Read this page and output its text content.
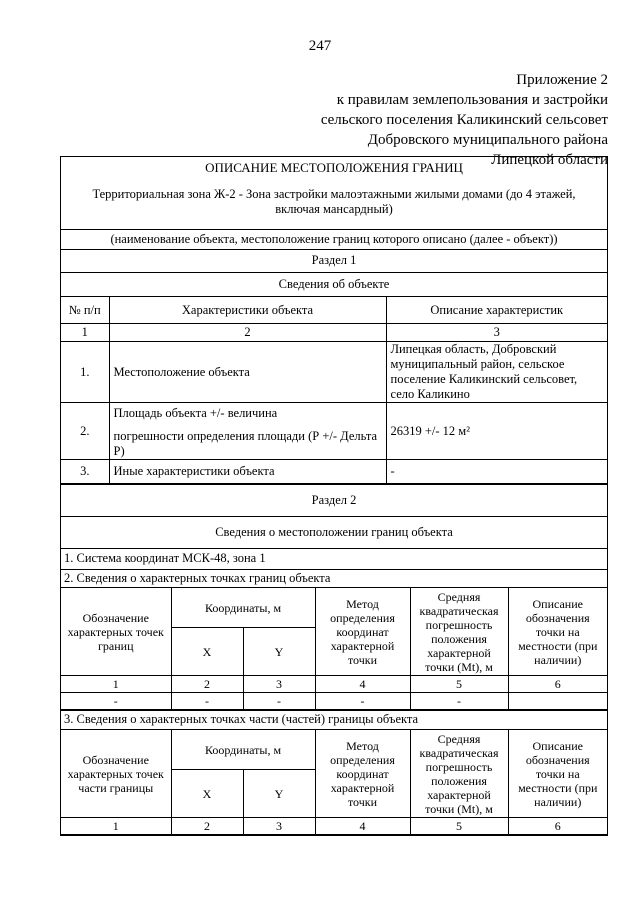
247
Приложение 2
к правилам землепользования и застройки
сельского поселения Каликинский сельсовет
Добровского муниципального района
Липецкой области
ОПИСАНИЕ МЕСТОПОЛОЖЕНИЯ ГРАНИЦ
Территориальная зона Ж-2 - Зона застройки малоэтажными жилыми домами (до 4 этажей,
включая мансардный)
(наименование объекта, местоположение границ которого описано (далее - объект))
Раздел 1
Сведения об объекте
№ п/п	Характеристики объекта	Описание характеристик
1	2	3
1.	Местоположение объекта	Липецкая область, Добровский муниципальный район, сельское поселение Каликинский сельсовет, село Каликино
2.	Площадь объекта +/- величина
погрешности определения площади (Р +/- Дельта Р)	26319 +/- 12 м²
3.	Иные характеристики объекта	-
Раздел 2
Сведения о местоположении границ объекта
1. Система координат МСК-48, зона 1
2. Сведения о характерных точках границ объекта
Обозначение характерных точек границ	Координаты, м		Метод определения координат характерной точки	Средняя квадратическая погрешность положения характерной точки (Mt), м	Описание обозначения точки на местности (при наличии)
	X	Y			
1	2	3	4	5	6
-	-	-	-	-	
3. Сведения о характерных точках части (частей) границы объекта
Обозначение характерных точек части границы	Координаты, м		Метод определения координат характерной точки	Средняя квадратическая погрешность положения характерной точки (Mt), м	Описание обозначения точки на местности (при наличии)
	X	Y			
1	2	3	4	5	6
